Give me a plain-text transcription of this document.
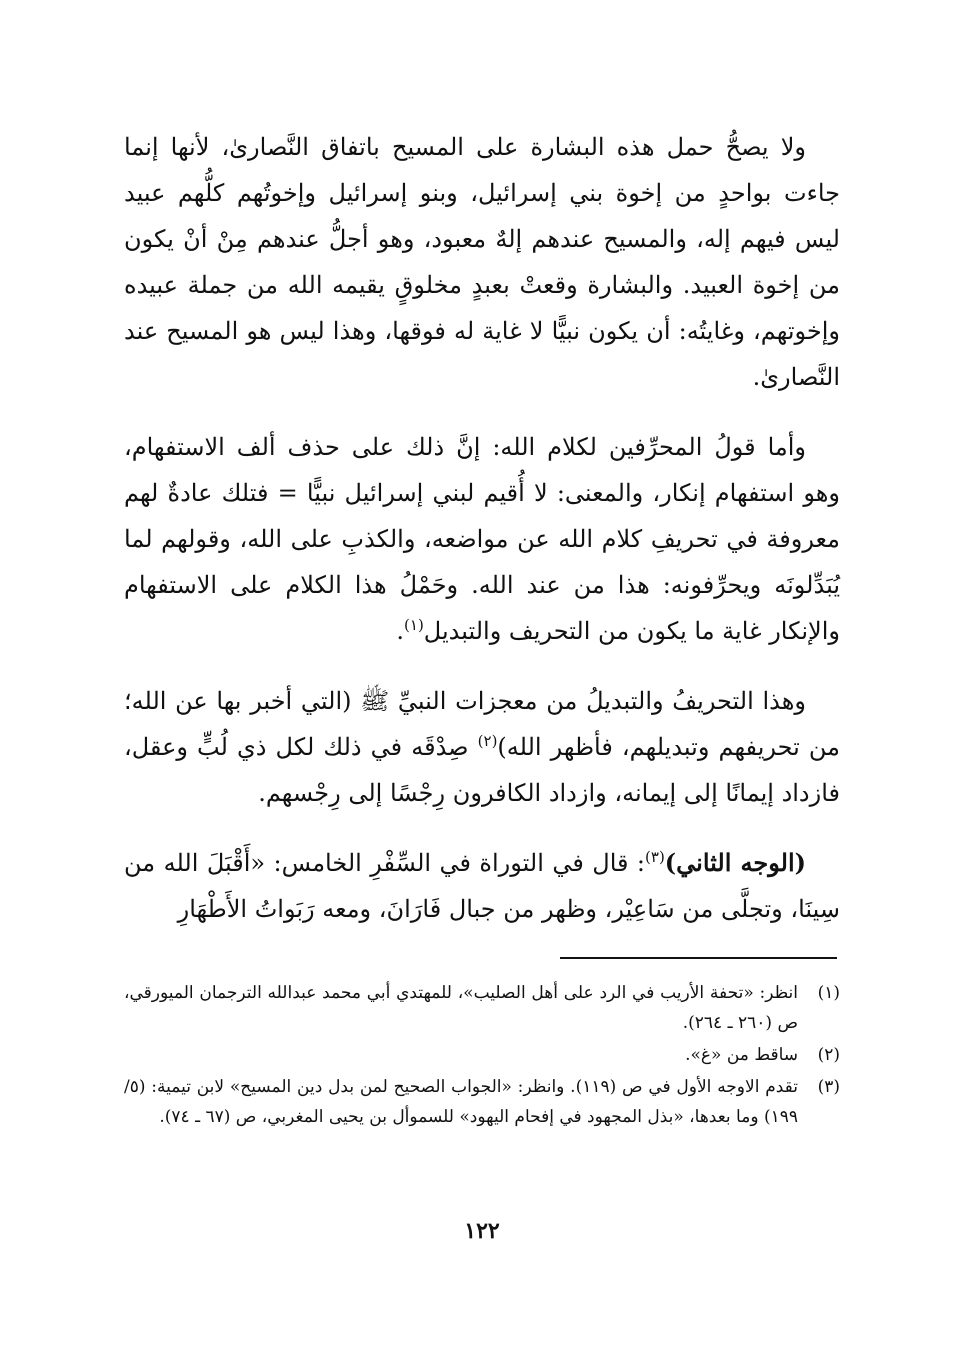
ولا يصحُّ حمل هذه البشارة على المسيح باتفاق النَّصارىٰ، لأنها إنما جاءت بواحدٍ من إخوة بني إسرائيل، وبنو إسرائيل وإخوتُهم كلُّهم عبيد ليس فيهم إله، والمسيح عندهم إلهٌ معبود، وهو أجلُّ عندهم مِنْ أنْ يكون من إخوة العبيد. والبشارة وقعتْ بعبدٍ مخلوقٍ يقيمه الله من جملة عبيده وإخوتهم، وغايتُه: أن يكون نبيًّا لا غاية له فوقها، وهذا ليس هو المسيح عند النَّصارىٰ.

وأما قولُ المحرِّفين لكلام الله: إنَّ ذلك على حذف ألف الاستفهام، وهو استفهام إنكار، والمعنى: لا أُقيم لبني إسرائيل نبيًّا = فتلك عادةٌ لهم معروفة في تحريفِ كلام الله عن مواضعه، والكذبِ على الله، وقولهم لما يُبَدِّلونَه ويحرِّفونه: هذا من عند الله. وحَمْلُ هذا الكلام على الاستفهام والإنكار غاية ما يكون من التحريف والتبديل$^{(١)}$.

وهذا التحريفُ والتبديلُ من معجزات النبيِّ ﷺ (التي أخبر بها عن الله؛ من تحريفهم وتبديلهم، فأظهر الله)$^{(٢)}$ صِدْقَه في ذلك لكل ذي لُبٍّ وعقل، فازداد إيمانًا إلى إيمانه، وازداد الكافرون رِجْسًا إلى رِجْسهم.

(الوجه الثاني)$^{(٣)}$: قال في التوراة في السِّفْرِ الخامس: «أَقْبَلَ الله من سِينَا، وتجلَّى من سَاعِيْر، وظهر من جبال فَارَانَ، ومعه رَبَواتُ الأَطْهَارِ

(١)
انظر: «تحفة الأريب في الرد على أهل الصليب»، للمهتدي أبي محمد عبدالله الترجمان الميورقي، ص (٢٦٠ ـ ٢٦٤).
(٢)
ساقط من «غ».
(٣)
تقدم الاوجه الأول في ص (١١٩). وانظر: «الجواب الصحيح لمن بدل دين المسيح» لابن تيمية: (٥/ ١٩٩) وما بعدها، «بذل المجهود في إفحام اليهود» للسموأل بن يحيى المغربي، ص (٦٧ ـ ٧٤).
١٢٢
